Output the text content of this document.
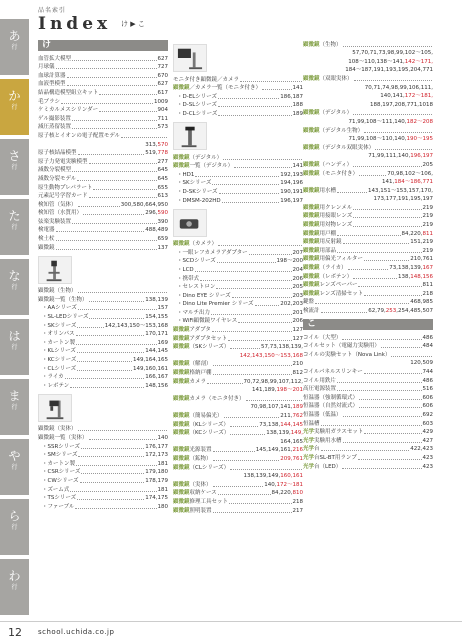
あ
行
か
行
さ
行
た
行
な
行
は
行
ま
行
や
行
ら
行
わ
行
品名索引
Index け ▶ こ
け
血管拡大模型	627
月球儀	727
血球計算器	670
血液型模型	627
結晶構造模型組立キット	617
毛ブラシ	1009
ケミカルメスシリンダー	904
ゲル撮影装置	711
減圧蒸留装置	573
原子核とイオンの電子配置モデル
313,570
原子核結晶模型	519,778
原子力発電実験模型	277
減数分裂模型	645
減数分裂モデル	645
原生動物プレパラート	655
元素記号学習カード	613
検知管（気体）	300,580,664,950
検知管（水質用）	296,590
弦楽実験装置	390
検電器	488,489
検土杖	659
顕微鏡	137
顕微鏡（生物）
顕微鏡一覧（生物）	138,139
・AAシリーズ	157
・SL-LEDシリーズ	154,155
・SKシリーズ	142,143,150〜153,168
・オリンパス	170,171
・カートン製	169
・KLシリーズ	144,145
・KCシリーズ	149,164,165
・CLシリーズ	149,160,161
・ライカ	166,167
・レボテン	148,156
顕微鏡（実体）
顕微鏡一覧（実体）	140
・SSRシリーズ	176,177
・SMシリーズ	172,173
・カートン製	181
・CSRシリーズ	179,180
・CWシリーズ	178,179
・ズーム式	181
・TSシリーズ	174,175
・ファーブル	180
モニタ付き顕微鏡／カメラ
顕微鏡／カメラ一覧（モニタ付き）	141
・D-ELシリーズ	186,187
・D-SLシリーズ	188
・D-CLシリーズ	189
顕微鏡（デジタル）
顕微鏡一覧（デジタル）	141
・HD1	192,193
・SKシリーズ	194,196
・D-SKシリーズ	190,191
・DMSM-202HD	196,197
顕微鏡（カメラ）
・一眼レフカメラアダプター	207
・SCDシリーズ	198〜200
・LCD	204
・携帯式	206
・セレストロン	205
・Dino EYE シリーズ	203
・Dino Lite Premier シリーズ	202,203
・マルチ出力	201
・WiFi顕微鏡ワイヤレス	206
顕微鏡アダプタ	127
顕微鏡アダプタセット	127
顕微鏡（SKシリーズ）	57,73,138,139,
142,143,150〜153,168
顕微鏡（解剖）	210
顕微鏡格納戸棚	812
顕微鏡カメラ	70,72,98,99,107,112,
141,189,198〜201
顕微鏡カメラ（モニタ付き）
70,98,107,141,189
顕微鏡（簡易偏光）	211,762
顕微鏡（KLシリーズ）	73,138,144,145
顕微鏡（KCシリーズ）	138,139,149,
164,165
顕微鏡光源装置	145,149,161,216
顕微鏡（鉱物）	209,761
顕微鏡（CLシリーズ）
138,139,149,160,161
顕微鏡（実体）	140,172〜181
顕微鏡収納ケース	84,220,810
顕微鏡修理工具セット	218
顕微鏡照明装置	217
顕微鏡（生物）
57,70,71,73,98,99,102〜105,
108〜110,138〜141,142〜171,
184〜187,191,193,195,204,771
顕微鏡（双眼実体）
70,71,74,98,99,106,111,
140,141,172〜181,
188,197,208,771,1018
顕微鏡（デジタル）
71,99,108〜111,140,182〜208
顕微鏡（デジタル生物）
71,99,108〜110,140,190〜195
顕微鏡（デジタル双眼実体）
71,99,111,140,196,197
顕微鏡（ハンディ）	205
顕微鏡（モニタ付き）	70,98,102〜106,
141,184〜186,771
顕微鏡用水槽	143,151〜153,157,170,
173,177,191,195,197
顕微鏡用クレンメル	219
顕微鏡用接眼レンズ	219
顕微鏡用対物レンズ	219
顕微鏡用戸棚	84,220,811
顕微鏡用反射鏡	151,219
顕微鏡用部品	219
顕微鏡用偏光フィルター	210,761
顕微鏡（ライカ）	73,138,139,167
顕微鏡（レボテン）	138,148,156
顕微鏡レンズペーパー	811
顕微鏡レンズ清掃セット	218
鍵盤	468,985
検流計	62,79,253,254,485,507
こ
コイル（大型）	486
コイルセット（電磁力実験用）	484
コイルの実験セット（Nova Link）
120,509
コイルパネルスリンキー	744
コイル用鉄片	486
高圧電源装置	516
恒温器（強制循環式）	606
恒温器（自然対流式）	606
恒温器（低温）	692
恒温槽	603
光学実験用ガラスセット	429
光学実験用水槽	427
光学台	422,423
光学台SL-BT用ランプ	423
光学台（LED）	423
12 school.uchida.co.jp
